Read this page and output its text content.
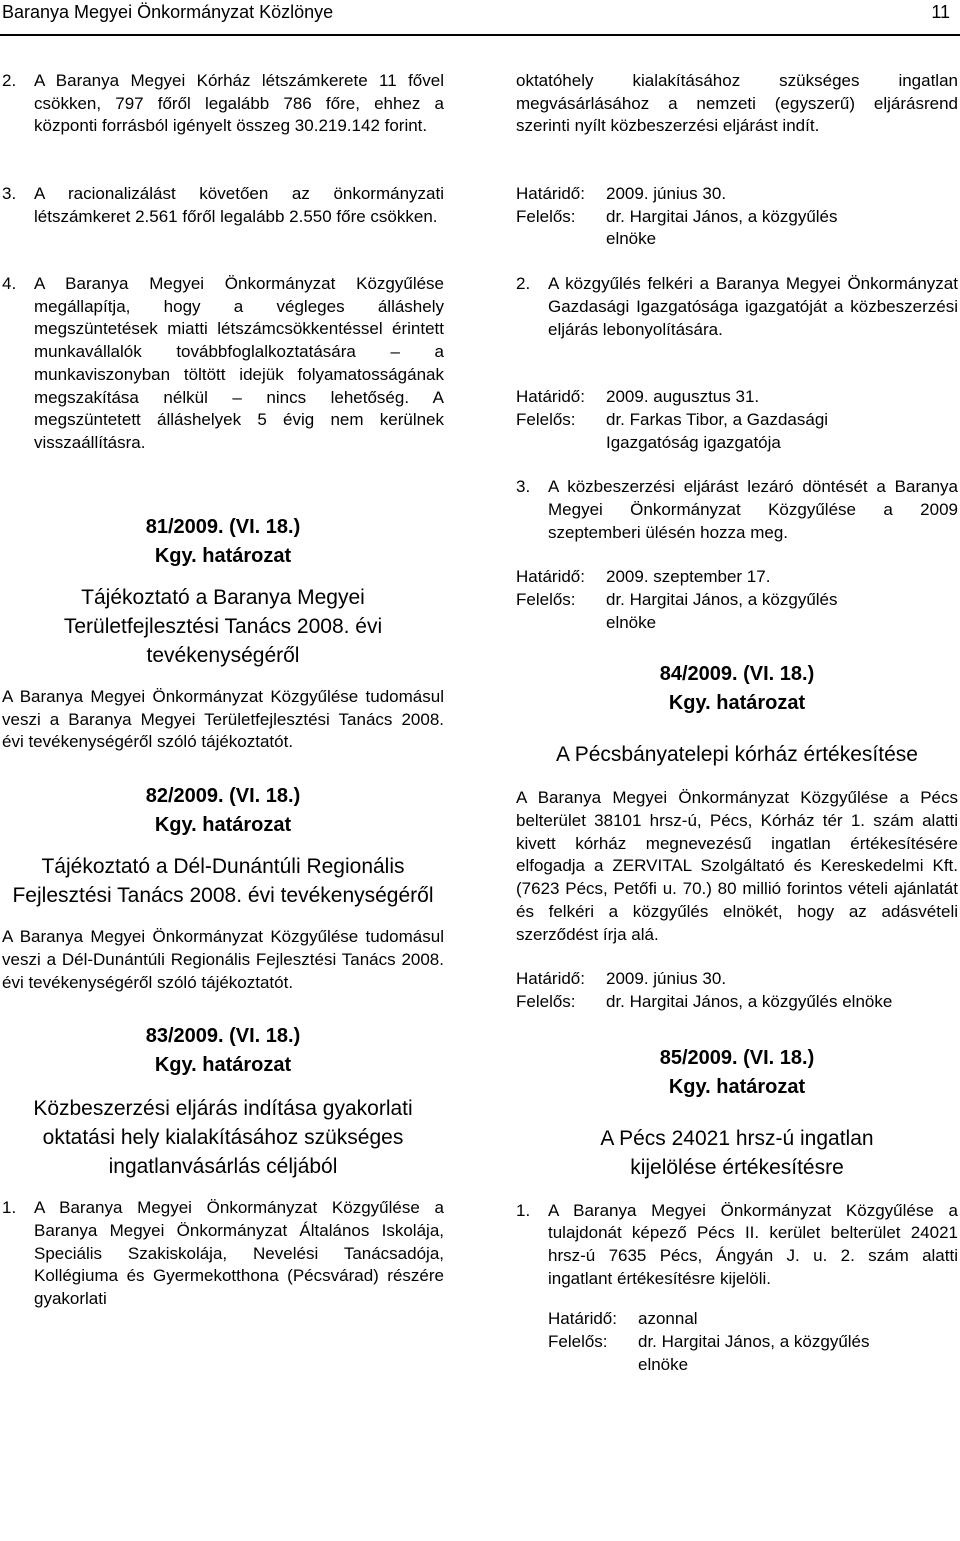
Baranya Megyei Önkormányzat Közlönye	11
2.	A Baranya Megyei Kórház létszámkerete 11 fővel csökken, 797 főről legalább 786 főre, ehhez a központi forrásból igényelt összeg 30.219.142 forint.
3.	A racionalizálást követően az önkormányzati létszámkeret 2.561 főről legalább 2.550 főre csökken.
4.	A Baranya Megyei Önkormányzat Közgyűlése megállapítja, hogy a végleges álláshely megszüntetések miatti létszámcsökkentéssel érintett munkavállalók továbbfoglalkoztatására – a munkaviszonyban töltött idejük folyamatosságának megszakítása nélkül – nincs lehetőség. A megszüntetett álláshelyek 5 évig nem kerülnek visszaállításra.

81/2009. (VI. 18.)

Kgy. határozat

Tájékoztató a Baranya Megyei Területfejlesztési Tanács 2008. évi tevékenységéről

A Baranya Megyei Önkormányzat Közgyűlése tudomásul veszi a Baranya Megyei Területfejlesztési Tanács 2008. évi tevékenységéről szóló tájékoztatót.

82/2009. (VI. 18.)

Kgy. határozat

Tájékoztató a Dél-Dunántúli Regionális Fejlesztési Tanács 2008. évi tevékenységéről

A Baranya Megyei Önkormányzat Közgyűlése tudomásul veszi a Dél-Dunántúli Regionális Fejlesztési Tanács 2008. évi tevékenységéről szóló tájékoztatót.

83/2009. (VI. 18.)

Kgy. határozat

Közbeszerzési eljárás indítása gyakorlati oktatási hely kialakításához szükséges ingatlanvásárlás céljából

1.	A Baranya Megyei Önkormányzat Közgyűlése a Baranya Megyei Önkormányzat Általános Iskolája, Speciális Szakiskolája, Nevelési Tanácsadója, Kollégiuma és Gyermekotthona (Pécsvárad) részére gyakorlati

oktatóhely kialakításához szükséges ingatlan megvásárlásához a nemzeti (egyszerű) eljárásrend szerinti nyílt közbeszerzési eljárást indít.

Határidő:	2009. június 30.
Felelős:	dr. Hargitai János, a közgyűlés
elnöke
2.	A közgyűlés felkéri a Baranya Megyei Önkormányzat Gazdasági Igazgatósága igazgatóját a közbeszerzési eljárás lebonyolítására.
Határidő:	2009. augusztus 31.
Felelős:	dr. Farkas Tibor, a Gazdasági
Igazgatóság igazgatója
3.	A közbeszerzési eljárást lezáró döntését a Baranya Megyei Önkormányzat Közgyűlése a 2009 szeptemberi ülésén hozza meg.
Határidő:	2009. szeptember 17.
Felelős:	dr. Hargitai János, a közgyűlés
elnöke

84/2009. (VI. 18.)

Kgy. határozat

A Pécsbányatelepi kórház értékesítése

A Baranya Megyei Önkormányzat Közgyűlése a Pécs belterület 38101 hrsz-ú, Pécs, Kórház tér 1. szám alatti kivett kórház megnevezésű ingatlan értékesítésére elfogadja a ZERVITAL Szolgáltató és Kereskedelmi Kft. (7623 Pécs, Petőfi u. 70.) 80 millió forintos vételi ajánlatát és felkéri a közgyűlés elnökét, hogy az adásvételi szerződést írja alá.

Határidő:	2009. június 30.
Felelős:	dr. Hargitai János, a közgyűlés elnöke

85/2009. (VI. 18.)

Kgy. határozat

A Pécs 24021 hrsz-ú ingatlan kijelölése értékesítésre

1.	A Baranya Megyei Önkormányzat Közgyűlése a tulajdonát képező Pécs II. kerület belterület 24021 hrsz-ú 7635 Pécs, Ángyán J. u. 2. szám alatti ingatlant értékesítésre kijelöli.
Határidő:	azonnal
Felelős:	dr. Hargitai János, a közgyűlés
elnöke
